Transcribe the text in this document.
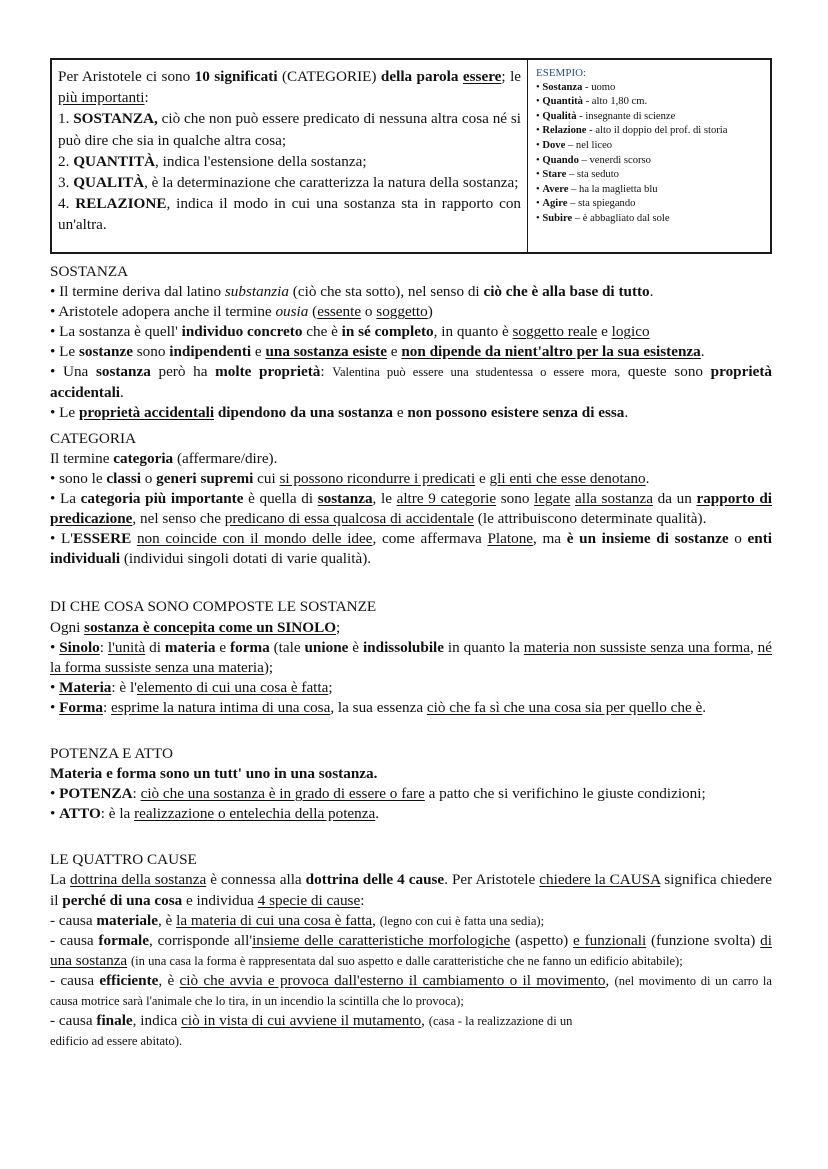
Per Aristotele ci sono 10 significati (CATEGORIE) della parola essere; le più importanti:
1. SOSTANZA, ciò che non può essere predicato di nessuna altra cosa né si può dire che sia in qualche altra cosa;
2. QUANTITÀ, indica l'estensione della sostanza;
3. QUALITÀ, è la determinazione che caratterizza la natura della sostanza;
4. RELAZIONE, indica il modo in cui una sostanza sta in rapporto con un'altra.
ESEMPIO:
• Sostanza - uomo
• Quantità - alto 1,80 cm.
• Qualità - insegnante di scienze
• Relazione - alto il doppio del prof. di storia
• Dove – nel liceo
• Quando – venerdì scorso
• Stare – sta seduto
• Avere – ha la maglietta blu
• Agire – sta spiegando
• Subire – è abbagliato dal sole

SOSTANZA

• Il termine deriva dal latino substanzia (ciò che sta sotto), nel senso di ciò che è alla base di tutto.

• Aristotele adopera anche il termine ousia (essente o soggetto)

• La sostanza è quell' individuo concreto che è in sé completo, in quanto è soggetto reale e logico

• Le sostanze sono indipendenti e una sostanza esiste e non dipende da nient'altro per la sua esistenza.

• Una sostanza però ha molte proprietà: Valentina può essere una studentessa o essere mora, queste sono proprietà accidentali.

• Le proprietà accidentali dipendono da una sostanza e non possono esistere senza di essa.

CATEGORIA

Il termine categoria (affermare/dire).

• sono le classi o generi supremi cui si possono ricondurre i predicati e gli enti che esse denotano.

• La categoria più importante è quella di sostanza, le altre 9 categorie sono legate alla sostanza da un rapporto di predicazione, nel senso che predicano di essa qualcosa di accidentale (le attribuiscono determinate qualità).

• L'ESSERE non coincide con il mondo delle idee, come affermava Platone, ma è un insieme di sostanze o enti individuali (individui singoli dotati di varie qualità).

DI CHE COSA SONO COMPOSTE LE SOSTANZE

Ogni sostanza è concepita come un SINOLO;

• Sinolo: l'unità di materia e forma (tale unione è indissolubile in quanto la materia non sussiste senza una forma, né la forma sussiste senza una materia);

• Materia: è l'elemento di cui una cosa è fatta;

• Forma: esprime la natura intima di una cosa, la sua essenza ciò che fa sì che una cosa sia per quello che è.

POTENZA E ATTO

Materia e forma sono un tutt' uno in una sostanza.

• POTENZA: ciò che una sostanza è in grado di essere o fare a patto che si verifichino le giuste condizioni;

• ATTO: è la realizzazione o entelechia della potenza.

LE QUATTRO CAUSE

La dottrina della sostanza è connessa alla dottrina delle 4 cause. Per Aristotele chiedere la CAUSA significa chiedere il perché di una cosa e individua 4 specie di cause:

- causa materiale, è la materia di cui una cosa è fatta, (legno con cui è fatta una sedia);

- causa formale, corrisponde all'insieme delle caratteristiche morfologiche (aspetto) e funzionali (funzione svolta) di una sostanza (in una casa la forma è rappresentata dal suo aspetto e dalle caratteristiche che ne fanno un edificio abitabile);

- causa efficiente, è ciò che avvia e provoca dall'esterno il cambiamento o il movimento, (nel movimento di un carro la causa motrice sarà l'animale che lo tira, in un incendio la scintilla che lo provoca);

- causa finale, indica ciò in vista di cui avviene il mutamento, (casa - la realizzazione di un
edificio ad essere abitato).
